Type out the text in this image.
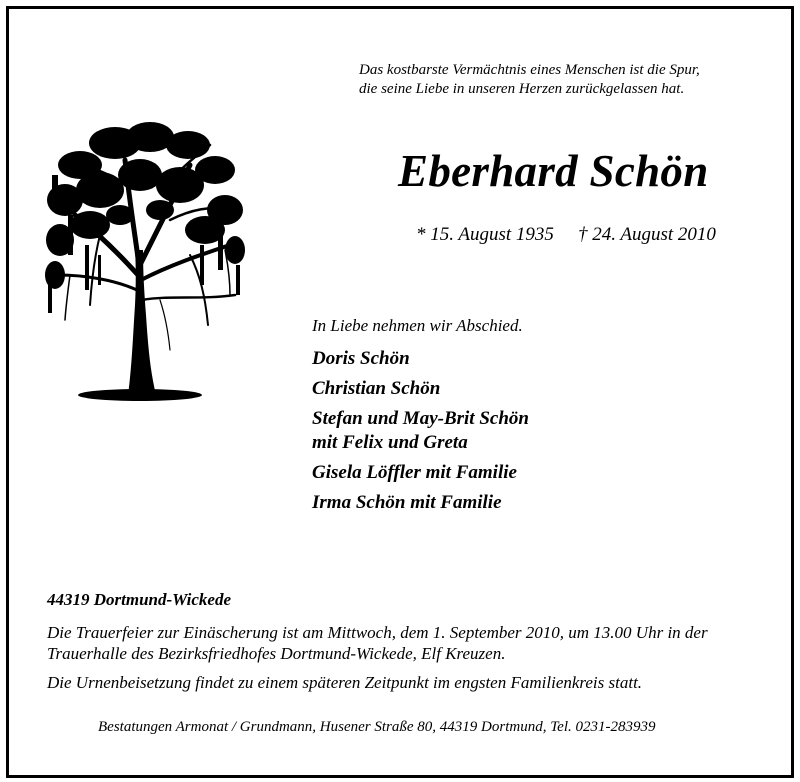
Das kostbarste Vermächtnis eines Menschen ist die Spur,
die seine Liebe in unseren Herzen zurückgelassen hat.
Eberhard Schön
* 15. August 1935 † 24. August 2010
In Liebe nehmen wir Abschied.
Doris Schön
Christian Schön
Stefan und May-Brit Schön
mit Felix und Greta
Gisela Löffler mit Familie
Irma Schön mit Familie
44319 Dortmund-Wickede
Die Trauerfeier zur Einäscherung ist am Mittwoch, dem 1. September 2010, um 13.00 Uhr in der
Trauerhalle des Bezirksfriedhofes Dortmund-Wickede, Elf Kreuzen.
Die Urnenbeisetzung findet zu einem späteren Zeitpunkt im engsten Familienkreis statt.
Bestatungen Armonat / Grundmann, Husener Straße 80, 44319 Dortmund, Tel. 0231-283939
